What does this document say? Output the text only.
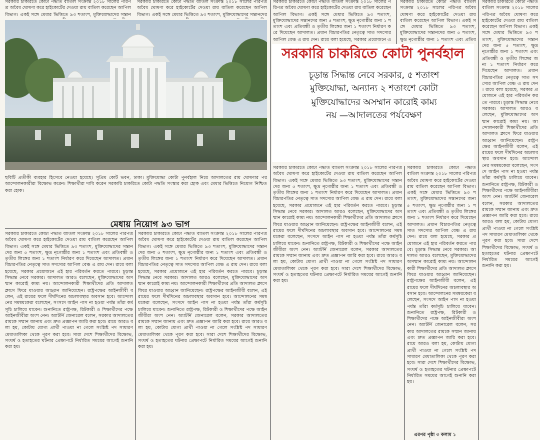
সরকারি চাকরিতে কোটা পদ্ধতি বাতিল সংক্রান্ত ২০১৮ সালের পরিপত্র অবৈধ ঘোষণা করে হাইকোর্টের দেওয়া রায় বাতিল করেছেন আপিল বিভাগ। একই সঙ্গে মেধার ভিত্তিতে ৯৩ শতাংশ, মুক্তিযোদ্ধাদের সন্তান
সরকারি চাকরিতে কোটা পদ্ধতি বাতিল সংক্রান্ত ২০১৮ সালের পরিপত্র অবৈধ ঘোষণা করে হাইকোর্টের দেওয়া রায় বাতিল করেছেন আপিল বিভাগ। একই সঙ্গে মেধার ভিত্তিতে ৯৩ শতাংশ, মুক্তিযোদ্ধাদের সন্তানদের
সরকারি চাকরিতে কোটা পদ্ধতি বাতিল সংক্রান্ত ২০১৮ সালের পরিপত্র অবৈধ ঘোষণা করে হাইকোর্টের দেওয়া রায় বাতিল করেছেন আপিল বিভাগ। একই সঙ্গে মেধার ভিত্তিতে ৯৩ শতাংশ, মুক্তিযোদ্ধাদের সন্তানদের জন্য ৫ শতাংশ, ক্ষুদ্র নৃগোষ্ঠীর জন্য ১ শতাংশ এবং প্রতিবন্ধী ও তৃতীয় লিঙ্গের জন্য ১ শতাংশ নির্ধারণ করে দিয়েছেন আদালত। প্রধান বিচারপতির নেতৃত্বে সাত সদস্যের আপিল বেঞ্চ এ রায় দেন। রায়ে বলা হয়েছে, সরকার প্রয়োজনে এ
সরকারি চাকরিতে কোটা পুনর্বহাল
চূড়ান্ত সিদ্ধান্ত নেবে সরকার, ৫ শতাংশ
মুক্তিযোদ্ধা, অন্যান্য ২ শতাংশে কোটা
মুক্তিযোদ্ধাদের অসম্মান কারোই কাম্য
নয় —আদালতের পর্যবেক্ষণ
সরকারি চাকরিতে কোটা পদ্ধতি বাতিল সংক্রান্ত ২০১৮ সালের পরিপত্র অবৈধ ঘোষণা করে হাইকোর্টের দেওয়া রায় বাতিল করেছেন আপিল বিভাগ। একই সঙ্গে মেধার ভিত্তিতে ৯৩ শতাংশ, মুক্তিযোদ্ধাদের সন্তানদের জন্য ৫ শতাংশ, ক্ষুদ্র নৃগোষ্ঠীর জন্য ১ শতাংশ এবং প্রতিব
সরকারি চাকরিতে কোটা পদ্ধতি বাতিল সংক্রান্ত ২০১৮ সালের পরিপত্র অবৈধ ঘোষণা করে হাইকোর্টের দেওয়া রায় বাতিল করেছেন আপিল বিভাগ। একই সঙ্গে মেধার ভিত্তিতে ৯৩ শতাংশ, মুক্তিযোদ্ধাদের সন্তানদের জন্য ৫ শতাংশ, ক্ষুদ্র নৃগোষ্ঠীর জন্য ১ শতাংশ এবং প্রতিবন্ধী ও তৃতীয় লিঙ্গের জন্য ১ শতাংশ নির্ধারণ করে দিয়েছেন আদালত। প্রধান বিচারপতির নেতৃত্বে সাত সদস্যের আপিল বেঞ্চ এ রায় দেন। রায়ে বলা হয়েছে, সরকার প্রয়োজনে এই হার পরিবর্তন করতে পারবে। চূড়ান্ত সিদ্ধান্ত নেবে সরকার। আদালত আরও বলেছেন, মুক্তিযোদ্ধাদের অসম্মান কারোই কাম্য নয়। আন্দোলনকারী শিক্ষার্থীদের প্রতি আদালত ক্লাসে ফিরে যাওয়ার আহ্বান জানিয়েছেন। রাষ্ট্রপক্ষের আইনজীবী বলেন, এই রায়ের ফলে দীর্ঘদিনের অচলাবস্থার অবসান হবে। আন্দোলনের সমন্বয়কেরা বলেছেন, সংসদে আইন পাস না হওয়া পর্যন্ত তাঁরা কর্মসূচি চালিয়ে যাবেন। শুনানিতে রাষ্ট্রপক্ষ, রিটকারী ও শিক্ষার্থীদের পক্ষে আইনজীবীরা অংশ নেন। অ্যাটর্নি জেনারেল বলেন, সরকার আদালতের রায়কে সম্মান জানায় এবং দ্রুত প্রজ্ঞাপন জারি করা হবে। রায়ে আরও বলা হয়, কোটায় যোগ্য প্রার্থী পাওয়া না গেলে সংশ্লিষ্ট পদ সাধারণ মেধাতালিকা থেকে পূরণ করা হবে। সারা দেশে শিক্ষার্থীদের বিক্ষোভ, সংঘর্ষ ও হতাহতের ঘটনার প্রেক্ষাপটে নির্ধারিত সময়ের আগেই শুনানি করা হয়।
ছবিটি প্রতীকী ব্যবহার হিসেবে নেওয়া হয়েছে। সুপ্রিম কোর্ট ভবন, ঢাকা। মুক্তিযোদ্ধা কোটা পুনর্বহাল নিয়ে আদালতের রায় ঘোষণার পর আন্দোলনকারীরা বিক্ষোভ করেন। শিক্ষার্থীরা দাবি করেন সরকারি চাকরিতে কোটা পদ্ধতি সংস্কার করা হোক এবং মেধার ভিত্তিতে নিয়োগ নিশ্চিত করা হোক।
মেধায় নিয়োগ ৯৩ ভাগ
সরকারি চাকরিতে কোটা পদ্ধতি বাতিল সংক্রান্ত ২০১৮ সালের পরিপত্র অবৈধ ঘোষণা করে হাইকোর্টের দেওয়া রায় বাতিল করেছেন আপিল বিভাগ। একই সঙ্গে মেধার ভিত্তিতে ৯৩ শতাংশ, মুক্তিযোদ্ধাদের সন্তানদের জন্য ৫ শতাংশ, ক্ষুদ্র নৃগোষ্ঠীর জন্য ১ শতাংশ এবং প্রতিবন্ধী ও তৃতীয় লিঙ্গের জন্য ১ শতাংশ নির্ধারণ করে দিয়েছেন আদালত। প্রধান বিচারপতির নেতৃত্বে সাত সদস্যের আপিল বেঞ্চ এ রায় দেন। রায়ে বলা হয়েছে, সরকার প্রয়োজনে এই হার পরিবর্তন করতে পারবে। চূড়ান্ত সিদ্ধান্ত নেবে সরকার। আদালত আরও বলেছেন, মুক্তিযোদ্ধাদের অসম্মান কারোই কাম্য নয়। আন্দোলনকারী শিক্ষার্থীদের প্রতি আদালত ক্লাসে ফিরে যাওয়ার আহ্বান জানিয়েছেন। রাষ্ট্রপক্ষের আইনজীবী বলেন, এই রায়ের ফলে দীর্ঘদিনের অচলাবস্থার অবসান হবে। আন্দোলনের সমন্বয়কেরা বলেছেন, সংসদে আইন পাস না হওয়া পর্যন্ত তাঁরা কর্মসূচি চালিয়ে যাবেন। শুনানিতে রাষ্ট্রপক্ষ, রিটকারী ও শিক্ষার্থীদের পক্ষে আইনজীবীরা অংশ নেন। অ্যাটর্নি জেনারেল বলেন, সরকার আদালতের রায়কে সম্মান জানায় এবং দ্রুত প্রজ্ঞাপন জারি করা হবে। রায়ে আরও বলা হয়, কোটায় যোগ্য প্রার্থী পাওয়া না গেলে সংশ্লিষ্ট পদ সাধারণ মেধাতালিকা থেকে পূরণ করা হবে। সারা দেশে শিক্ষার্থীদের বিক্ষোভ, সংঘর্ষ ও হতাহতের ঘটনার প্রেক্ষাপটে নির্ধারিত সময়ের আগেই শুনানি করা হয়।
সরকারি চাকরিতে কোটা পদ্ধতি বাতিল সংক্রান্ত ২০১৮ সালের পরিপত্র অবৈধ ঘোষণা করে হাইকোর্টের দেওয়া রায় বাতিল করেছেন আপিল বিভাগ। একই সঙ্গে মেধার ভিত্তিতে ৯৩ শতাংশ, মুক্তিযোদ্ধাদের সন্তানদের জন্য ৫ শতাংশ, ক্ষুদ্র নৃগোষ্ঠীর জন্য ১ শতাংশ এবং প্রতিবন্ধী ও তৃতীয় লিঙ্গের জন্য ১ শতাংশ নির্ধারণ করে দিয়েছেন আদালত। প্রধান বিচারপতির নেতৃত্বে সাত সদস্যের আপিল বেঞ্চ এ রায় দেন। রায়ে বলা হয়েছে, সরকার প্রয়োজনে এই হার পরিবর্তন করতে পারবে। চূড়ান্ত সিদ্ধান্ত নেবে সরকার। আদালত আরও বলেছেন, মুক্তিযোদ্ধাদের অসম্মান কারোই কাম্য নয়। আন্দোলনকারী শিক্ষার্থীদের প্রতি আদালত ক্লাসে ফিরে যাওয়ার আহ্বান জানিয়েছেন। রাষ্ট্রপক্ষের আইনজীবী বলেন, এই রায়ের ফলে দীর্ঘদিনের অচলাবস্থার অবসান হবে। আন্দোলনের সমন্বয়কেরা বলেছেন, সংসদে আইন পাস না হওয়া পর্যন্ত তাঁরা কর্মসূচি চালিয়ে যাবেন। শুনানিতে রাষ্ট্রপক্ষ, রিটকারী ও শিক্ষার্থীদের পক্ষে আইনজীবীরা অংশ নেন। অ্যাটর্নি জেনারেল বলেন, সরকার আদালতের রায়কে সম্মান জানায় এবং দ্রুত প্রজ্ঞাপন জারি করা হবে। রায়ে আরও বলা হয়, কোটায় যোগ্য প্রার্থী পাওয়া না গেলে সংশ্লিষ্ট পদ সাধারণ মেধাতালিকা থেকে পূরণ করা হবে। সারা দেশে শিক্ষার্থীদের বিক্ষোভ, সংঘর্ষ ও হতাহতের ঘটনার প্রেক্ষাপটে নির্ধারিত সময়ের আগেই শুনানি করা হয়।
সরকারি চাকরিতে কোটা পদ্ধতি বাতিল সংক্রান্ত ২০১৮ সালের পরিপত্র অবৈধ ঘোষণা করে হাইকোর্টের দেওয়া রায় বাতিল করেছেন আপিল বিভাগ। একই সঙ্গে মেধার ভিত্তিতে ৯৩ শতাংশ, মুক্তিযোদ্ধাদের সন্তানদের জন্য ৫ শতাংশ, ক্ষুদ্র নৃগোষ্ঠীর জন্য ১ শতাংশ এবং প্রতিবন্ধী ও তৃতীয় লিঙ্গের জন্য ১ শতাংশ নির্ধারণ করে দিয়েছেন আদালত। প্রধান বিচারপতির নেতৃত্বে সাত সদস্যের আপিল বেঞ্চ এ রায় দেন। রায়ে বলা হয়েছে, সরকার প্রয়োজনে এই হার পরিবর্তন করতে পারবে। চূড়ান্ত সিদ্ধান্ত নেবে সরকার। আদালত আরও বলেছেন, মুক্তিযোদ্ধাদের অসম্মান কারোই কাম্য নয়। আন্দোলনকারী শিক্ষার্থীদের প্রতি আদালত ক্লাসে ফিরে যাওয়ার আহ্বান জানিয়েছেন। রাষ্ট্রপক্ষের আইনজীবী বলেন, এই রায়ের ফলে দীর্ঘদিনের অচলাবস্থার অবসান হবে। আন্দোলনের সমন্বয়কেরা বলেছেন, সংসদে আইন পাস না হওয়া পর্যন্ত তাঁরা কর্মসূচি চালিয়ে যাবেন। শুনানিতে রাষ্ট্রপক্ষ, রিটকারী ও শিক্ষার্থীদের পক্ষে আইনজীবীরা অংশ নেন। অ্যাটর্নি জেনারেল বলেন, সরকার আদালতের রায়কে সম্মান জানায় এবং দ্রুত প্রজ্ঞাপন জারি করা হবে। রায়ে আরও বলা হয়, কোটায় যোগ্য প্রার্থী পাওয়া না গেলে সংশ্লিষ্ট পদ সাধারণ মেধাতালিকা থেকে পূরণ করা হবে। সারা দেশে শিক্ষার্থীদের বিক্ষোভ, সংঘর্ষ ও হতাহতের ঘটনার প্রেক্ষাপটে নির্ধারিত সময়ের আগেই শুনানি করা হয়।
সরকারি চাকরিতে কোটা পদ্ধতি বাতিল সংক্রান্ত ২০১৮ সালের পরিপত্র অবৈধ ঘোষণা করে হাইকোর্টের দেওয়া রায় বাতিল করেছেন আপিল বিভাগ। একই সঙ্গে মেধার ভিত্তিতে ৯৩ শতাংশ, মুক্তিযোদ্ধাদের সন্তানদের জন্য ৫ শতাংশ, ক্ষুদ্র নৃগোষ্ঠীর জন্য ১ শতাংশ এবং প্রতিবন্ধী ও তৃতীয় লিঙ্গের জন্য ১ শতাংশ নির্ধারণ করে দিয়েছেন আদালত। প্রধান বিচারপতির নেতৃত্বে সাত সদস্যের আপিল বেঞ্চ এ রায় দেন। রায়ে বলা হয়েছে, সরকার প্রয়োজনে এই হার পরিবর্তন করতে পারবে। চূড়ান্ত সিদ্ধান্ত নেবে সরকার। আদালত আরও বলেছেন, মুক্তিযোদ্ধাদের অসম্মান কারোই কাম্য নয়। আন্দোলনকারী শিক্ষার্থীদের প্রতি আদালত ক্লাসে ফিরে যাওয়ার আহ্বান জানিয়েছেন। রাষ্ট্রপক্ষের আইনজীবী বলেন, এই রায়ের ফলে দীর্ঘদিনের অচলাবস্থার অবসান হবে। আন্দোলনের সমন্বয়কেরা বলেছেন, সংসদে আইন পাস না হওয়া পর্যন্ত তাঁরা কর্মসূচি চালিয়ে যাবেন। শুনানিতে রাষ্ট্রপক্ষ, রিটকারী ও শিক্ষার্থীদের পক্ষে আইনজীবীরা অংশ নেন। অ্যাটর্নি জেনারেল বলেন, সরকার আদালতের রায়কে সম্মান জানায় এবং দ্রুত প্রজ্ঞাপন জারি করা হবে। রায়ে আরও বলা হয়, কোটায় যোগ্য প্রার্থী পাওয়া না গেলে সংশ্লিষ্ট পদ সাধারণ মেধাতালিকা থেকে পূরণ করা হবে। সারা দেশে শিক্ষার্থীদের বিক্ষোভ, সংঘর্ষ ও হতাহতের ঘটনার প্রেক্ষাপটে নির্ধারিত সময়ের আগেই শুনানি করা হয়।
এরপর পৃষ্ঠা ৩ কলাম ১
